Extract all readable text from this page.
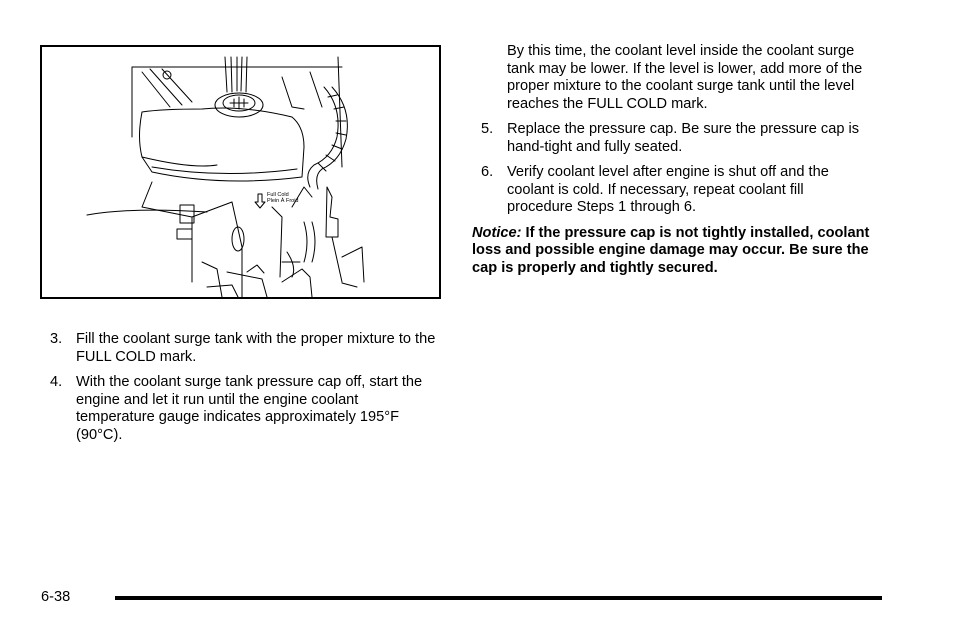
Full Cold
Plein À Froid
3. Fill the coolant surge tank with the proper mixture to the FULL COLD mark.
4. With the coolant surge tank pressure cap off, start the engine and let it run until the engine coolant temperature gauge indicates approximately 195°F (90°C).
By this time, the coolant level inside the coolant surge tank may be lower. If the level is lower, add more of the proper mixture to the coolant surge tank until the level reaches the FULL COLD mark.
5. Replace the pressure cap. Be sure the pressure cap is hand-tight and fully seated.
6. Verify coolant level after engine is shut off and the coolant is cold. If necessary, repeat coolant fill procedure Steps 1 through 6.
Notice: If the pressure cap is not tightly installed, coolant loss and possible engine damage may occur. Be sure the cap is properly and tightly secured.
6-38
